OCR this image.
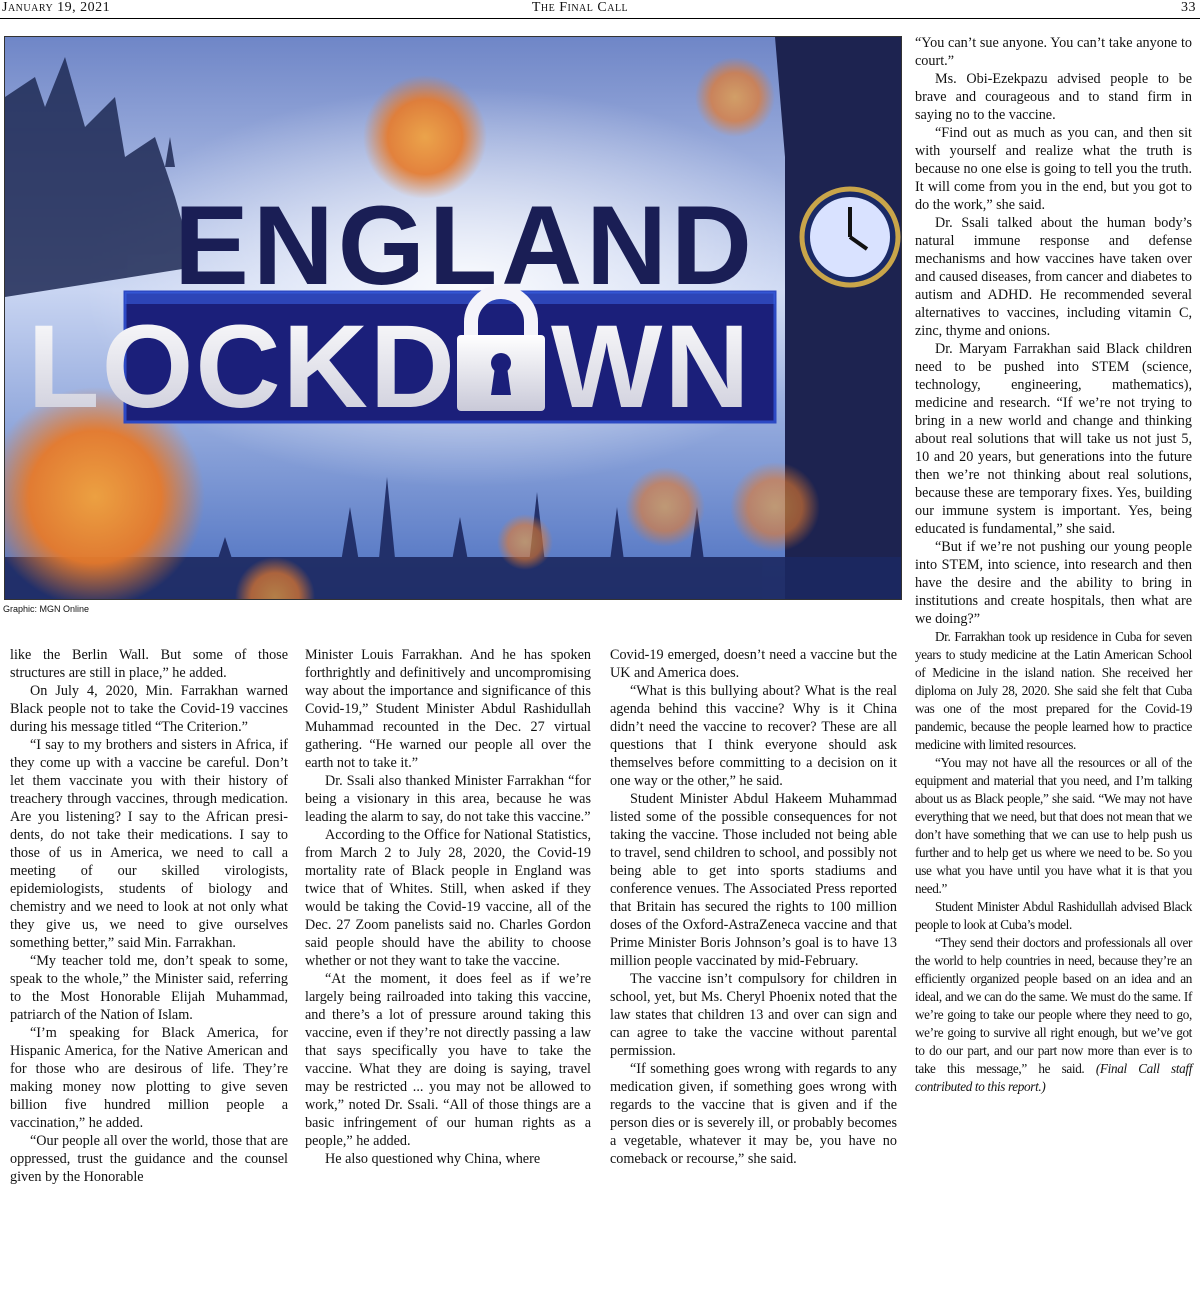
January 19, 2021	The Final Call	33
ENGLAND
LOCKD WN
Graphic: MGN Online

like the Berlin Wall. But some of those structures are still in place,” he added.

On July 4, 2020, Min. Farrakhan warned Black people not to take the Covid-19 vaccines during his message titled “The Criterion.”

“I say to my brothers and sisters in Africa, if they come up with a vaccine be careful. Don’t let them vaccinate you with their history of treachery through vaccines, through medication. Are you listening? I say to the African presidents, do not take their medications. I say to those of us in America, we need to call a meeting of our skilled virologists, epidemiologists, students of biology and chemistry and we need to look at not only what they give us, we need to give ourselves something better,” said Min. Farrakhan.

“My teacher told me, don’t speak to some, speak to the whole,” the Minister said, referring to the Most Honorable Elijah Muhammad, patriarch of the Nation of Islam.

“I’m speaking for Black America, for Hispanic America, for the Native American and for those who are desirous of life. They’re making money now plotting to give seven billion five hundred million people a vaccination,” he added.

“Our people all over the world, those that are oppressed, trust the guidance and the counsel given by the Honorable

Minister Louis Farrakhan. And he has spoken forthrightly and definitively and uncompromising way about the importance and significance of this Covid-19,” Student Minister Abdul Rashidullah Muhammad recounted in the Dec. 27 virtual gathering. “He warned our people all over the earth not to take it.”

Dr. Ssali also thanked Minister Farrakhan “for being a visionary in this area, because he was leading the alarm to say, do not take this vaccine.”

According to the Office for National Statistics, from March 2 to July 28, 2020, the Covid-19 mortality rate of Black people in England was twice that of Whites. Still, when asked if they would be taking the Covid-19 vaccine, all of the Dec. 27 Zoom panelists said no. Charles Gordon said people should have the ability to choose whether or not they want to take the vaccine.

“At the moment, it does feel as if we’re largely being railroaded into taking this vaccine, and there’s a lot of pressure around taking this vaccine, even if they’re not directly passing a law that says specifically you have to take the vaccine. What they are doing is saying, travel may be restricted ... you may not be allowed to work,” noted Dr. Ssali. “All of those things are a basic infringement of our human rights as a people,” he added.

He also questioned why China, where

Covid-19 emerged, doesn’t need a vaccine but the UK and America does.

“What is this bullying about? What is the real agenda behind this vaccine? Why is it China didn’t need the vaccine to recover? These are all questions that I think everyone should ask themselves before committing to a decision on it one way or the other,” he said.

Student Minister Abdul Hakeem Muhammad listed some of the possible consequences for not taking the vaccine. Those included not being able to travel, send children to school, and possibly not being able to get into sports stadiums and conference venues. The Associated Press reported that Britain has secured the rights to 100 million doses of the Oxford-AstraZeneca vaccine and that Prime Minister Boris Johnson’s goal is to have 13 million people vaccinated by mid-February.

The vaccine isn’t compulsory for children in school, yet, but Ms. Cheryl Phoenix noted that the law states that children 13 and over can sign and can agree to take the vaccine without parental permission.

“If something goes wrong with regards to any medication given, if something goes wrong with regards to the vaccine that is given and if the person dies or is severely ill, or probably becomes a vegetable, whatever it may be, you have no comeback or recourse,” she said.

“You can’t sue anyone. You can’t take anyone to court.”

Ms. Obi-Ezekpazu advised people to be brave and courageous and to stand firm in saying no to the vaccine.

“Find out as much as you can, and then sit with yourself and realize what the truth is because no one else is going to tell you the truth. It will come from you in the end, but you got to do the work,” she said.

Dr. Ssali talked about the human body’s natural immune response and defense mechanisms and how vaccines have taken over and caused diseases, from cancer and diabetes to autism and ADHD. He recommended several alternatives to vaccines, including vitamin C, zinc, thyme and onions.

Dr. Maryam Farrakhan said Black children need to be pushed into STEM (science, technology, engineering, mathematics), medicine and research. “If we’re not trying to bring in a new world and change and thinking about real solutions that will take us not just 5, 10 and 20 years, but generations into the future then we’re not thinking about real solutions, because these are temporary fixes. Yes, building our immune system is important. Yes, being educated is fundamental,” she said.

“But if we’re not pushing our young people into STEM, into science, into research and then have the desire and the ability to bring in institutions and create hospitals, then what are we doing?”

Dr. Farrakhan took up residence in Cuba for seven years to study medicine at the Latin American School of Medicine in the island nation. She received her diploma on July 28, 2020. She said she felt that Cuba was one of the most prepared for the Covid-19 pandemic, because the people learned how to practice medicine with limited resources.

“You may not have all the resources or all of the equipment and material that you need, and I’m talking about us as Black people,” she said. “We may not have everything that we need, but that does not mean that we don’t have something that we can use to help push us further and to help get us where we need to be. So you use what you have until you have what it is that you need.”

Student Minister Abdul Rashidullah advised Black people to look at Cuba’s model.

“They send their doctors and professionals all over the world to help countries in need, because they’re an efficiently organized people based on an idea and an ideal, and we can do the same. We must do the same. If we’re going to take our people where they need to go, we’re going to survive all right enough, but we’ve got to do our part, and our part now more than ever is to take this message,” he said. (Final Call staff contributed to this report.)
